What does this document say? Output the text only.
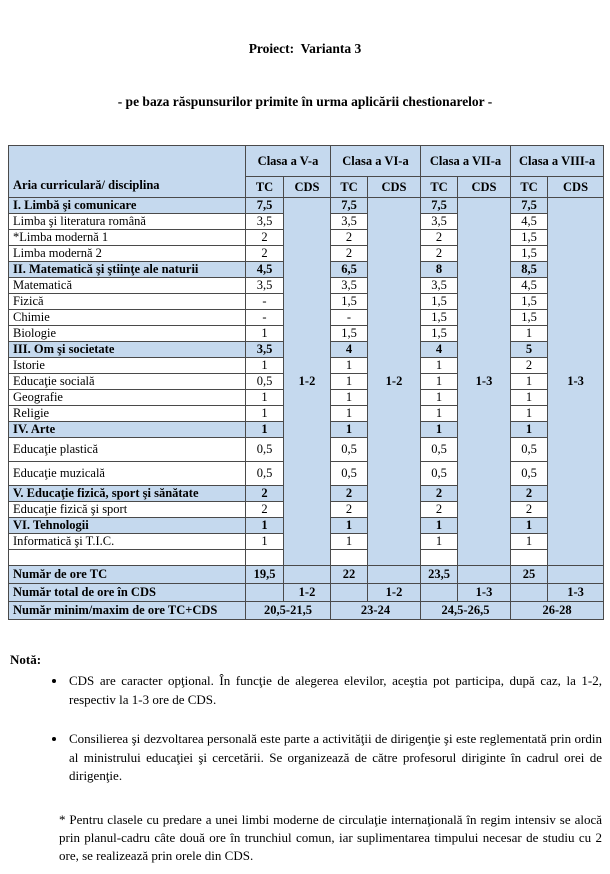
Proiect:  Varianta 3

- pe baza răspunsurilor primite în urma aplicării chestionarelor -

Aria curriculară/ disciplina	Clasa a V-a		Clasa a VI-a		Clasa a VII-a		Clasa a VIII-a	
	TC	CDS	TC	CDS	TC	CDS	TC	CDS
I. Limbă şi comunicare	7,5	1-2	7,5	1-2	7,5	1-3	7,5	1-3
Limba şi literatura română	3,5		3,5		3,5		4,5	
*Limba modernă 1	2		2		2		1,5	
Limba modernă 2	2		2		2		1,5	
II. Matematică şi ştiinţe ale naturii	4,5		6,5		8		8,5	
Matematică	3,5		3,5		3,5		4,5	
Fizică	-		1,5		1,5		1,5	
Chimie	-		-		1,5		1,5	
Biologie	1		1,5		1,5		1	
III. Om şi societate	3,5		4		4		5	
Istorie	1		1		1		2	
Educaţie socială	0,5		1		1		1	
Geografie	1		1		1		1	
Religie	1		1		1		1	
IV. Arte	1		1		1		1	
Educaţie plastică	0,5		0,5		0,5		0,5	
Educaţie muzicală	0,5		0,5		0,5		0,5	
V. Educaţie fizică, sport şi sănătate	2		2		2		2	
Educaţie fizică şi sport	2		2		2		2	
VI. Tehnologii	1		1		1		1	
Informatică şi T.I.C.	1		1		1		1	

Număr de ore TC	19,5		22		23,5		25	
Număr total de ore în CDS		1-2		1-2		1-3		1-3
Număr minim/maxim de ore TC+CDS	20,5-21,5		23-24		24,5-26,5		26-28	
Notă:
• CDS are caracter opţional. În funcţie de alegerea elevilor, aceştia pot participa, după caz, la 1-2, respectiv la 1-3 ore de CDS.
• Consilierea şi dezvoltarea personală este parte a activităţii de dirigenţie şi este reglementată prin ordin al ministrului educaţiei şi cercetării. Se organizează de către profesorul diriginte în cadrul orei de dirigenţie.
* Pentru clasele cu predare a unei limbi moderne de circulaţie internaţională în regim intensiv se alocă prin planul-cadru câte două ore în trunchiul comun, iar suplimentarea timpului necesar de studiu cu 2 ore, se realizează prin orele din CDS.
